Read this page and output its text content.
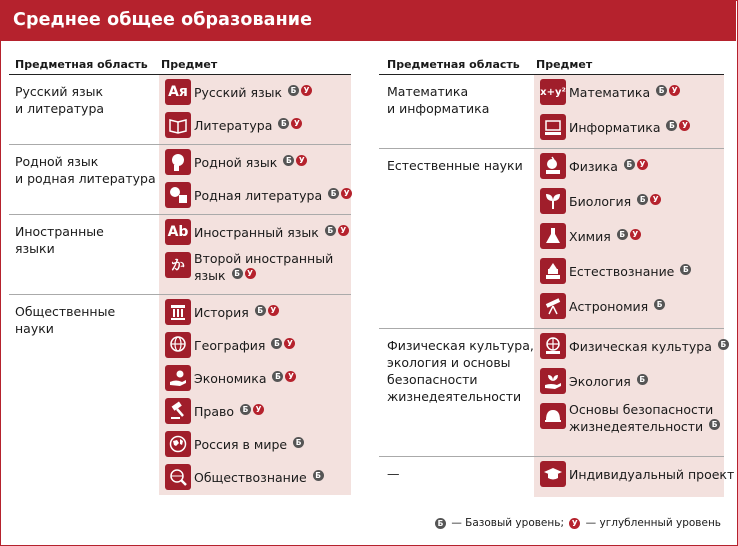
Среднее общее образование
Предметная область Предмет
Русский язык
и литература
Ая Русский язык Б У
Литература Б У
Родной язык
и родная литература
Родной язык Б У
Родная литература Б У
Иностранные
языки
Ab Иностранный язык Б У
か Второй иностранный
язык Б У
Общественные науки
История Б У
География Б У
Экономика Б У
Право Б У
Россия в мире Б
Обществознание Б
Предметная область Предмет
Математика
и информатика
x+y² Математика Б У
Информатика Б У
Естественные науки	Физика Б У
Биология Б У
Химия Б У
Естествознание Б
Астрономия Б
Физическая культура,
экология и основы
безопасности
жизнедеятельности
Физическая культура Б
Экология Б
Основы безопасности
жизнедеятельности Б
—	Индивидуальный проект
Б — Базовый уровень; У — углубленный уровень
